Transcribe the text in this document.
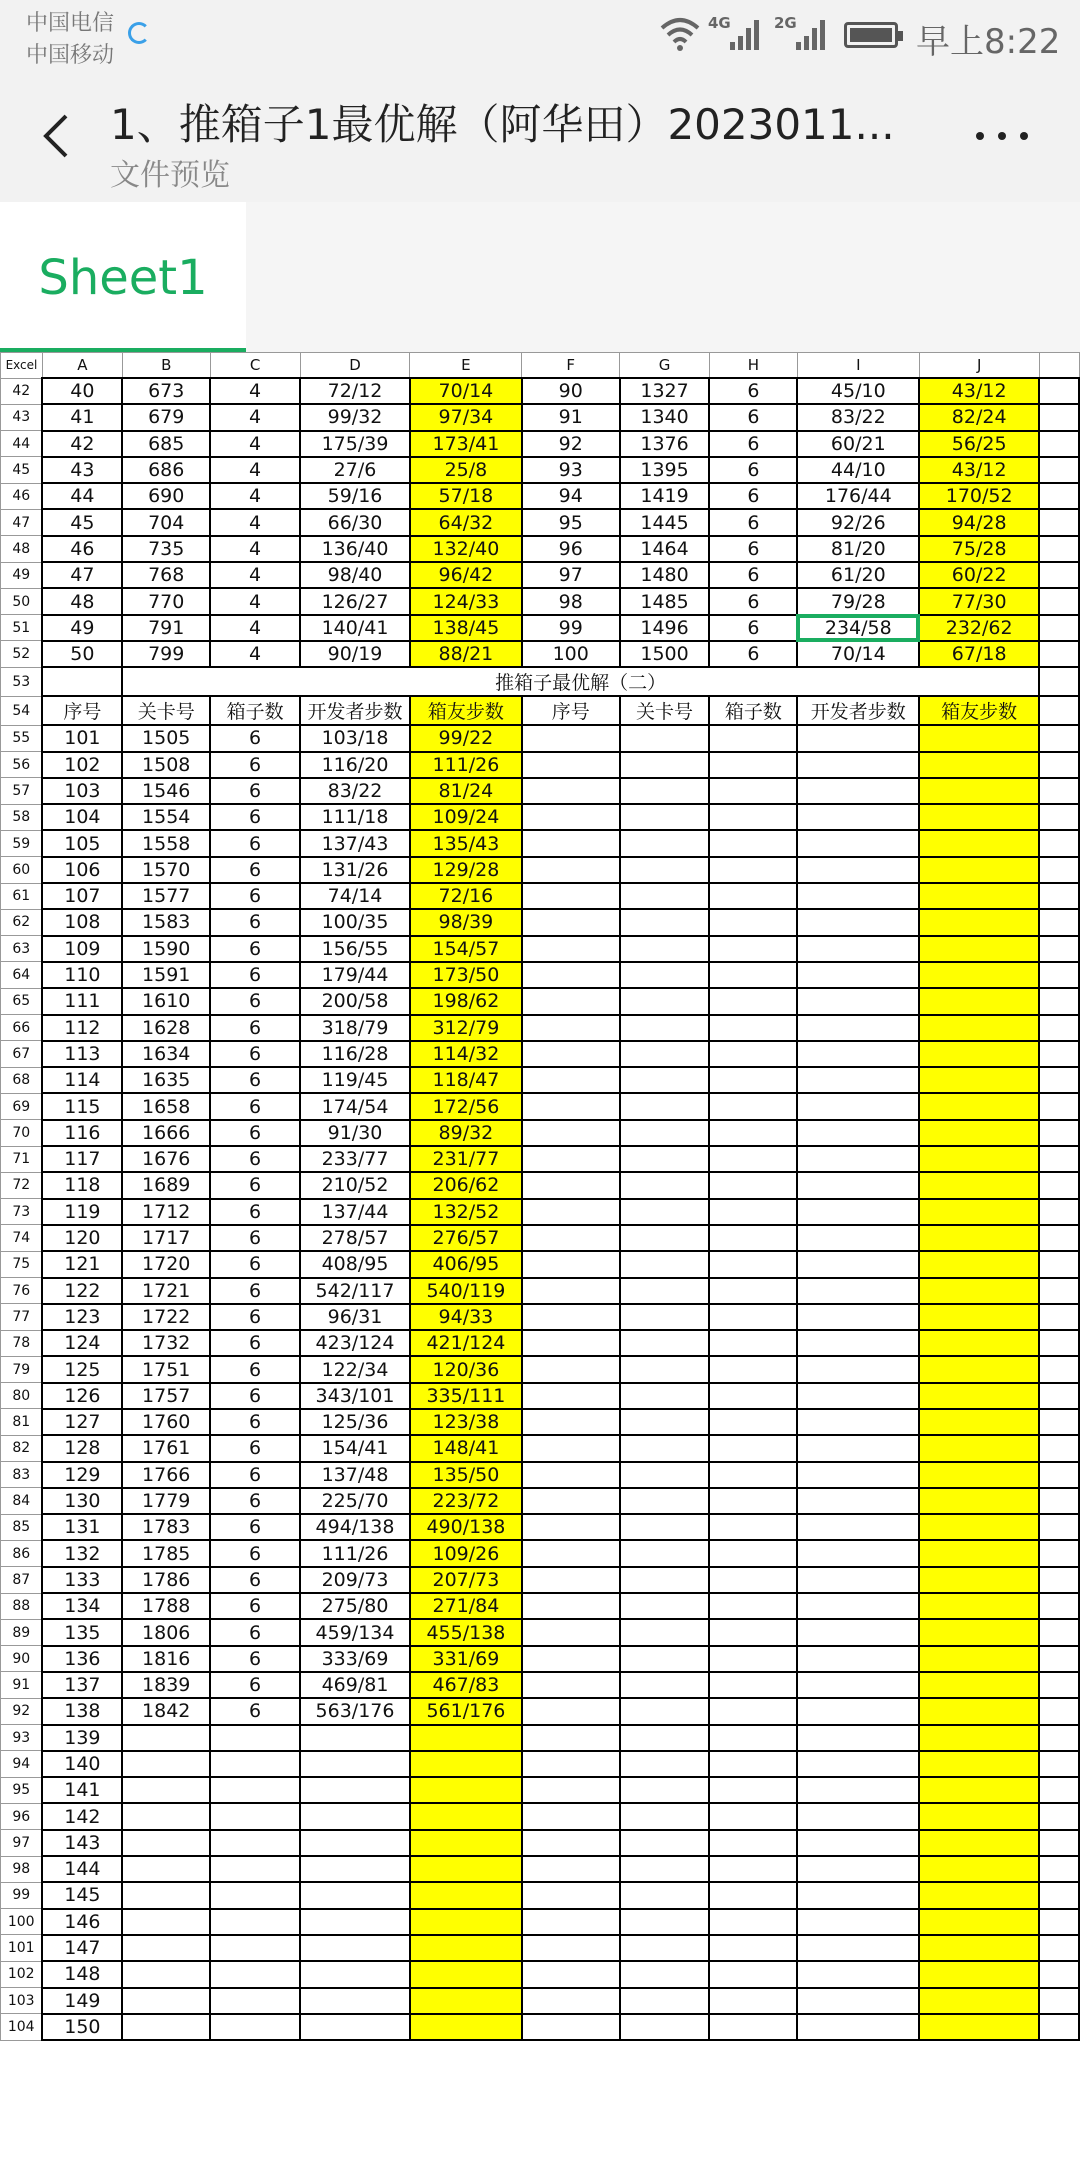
中国电信
中国移动
4G	2G	早上8:22
1、推箱子1最优解（阿华田）2023011...
文件预览
Sheet1
Excel	A	B	C	D	E	F	G	H	I	J	
42	40	673	4	72/12	70/14	90	1327	6	45/10	43/12	
43	41	679	4	99/32	97/34	91	1340	6	83/22	82/24	
44	42	685	4	175/39	173/41	92	1376	6	60/21	56/25	
45	43	686	4	27/6	25/8	93	1395	6	44/10	43/12	
46	44	690	4	59/16	57/18	94	1419	6	176/44	170/52	
47	45	704	4	66/30	64/32	95	1445	6	92/26	94/28	
48	46	735	4	136/40	132/40	96	1464	6	81/20	75/28	
49	47	768	4	98/40	96/42	97	1480	6	61/20	60/22	
50	48	770	4	126/27	124/33	98	1485	6	79/28	77/30	
51	49	791	4	140/41	138/45	99	1496	6	234/58	232/62	
52	50	799	4	90/19	88/21	100	1500	6	70/14	67/18	
53		推箱子最优解（二）									
54	序号	关卡号	箱子数	开发者步数	箱友步数	序号	关卡号	箱子数	开发者步数	箱友步数	
55	101	1505	6	103/18	99/22						
56	102	1508	6	116/20	111/26						
57	103	1546	6	83/22	81/24						
58	104	1554	6	111/18	109/24						
59	105	1558	6	137/43	135/43						
60	106	1570	6	131/26	129/28						
61	107	1577	6	74/14	72/16						
62	108	1583	6	100/35	98/39						
63	109	1590	6	156/55	154/57						
64	110	1591	6	179/44	173/50						
65	111	1610	6	200/58	198/62						
66	112	1628	6	318/79	312/79						
67	113	1634	6	116/28	114/32						
68	114	1635	6	119/45	118/47						
69	115	1658	6	174/54	172/56						
70	116	1666	6	91/30	89/32						
71	117	1676	6	233/77	231/77						
72	118	1689	6	210/52	206/62						
73	119	1712	6	137/44	132/52						
74	120	1717	6	278/57	276/57						
75	121	1720	6	408/95	406/95						
76	122	1721	6	542/117	540/119						
77	123	1722	6	96/31	94/33						
78	124	1732	6	423/124	421/124						
79	125	1751	6	122/34	120/36						
80	126	1757	6	343/101	335/111						
81	127	1760	6	125/36	123/38						
82	128	1761	6	154/41	148/41						
83	129	1766	6	137/48	135/50						
84	130	1779	6	225/70	223/72						
85	131	1783	6	494/138	490/138						
86	132	1785	6	111/26	109/26						
87	133	1786	6	209/73	207/73						
88	134	1788	6	275/80	271/84						
89	135	1806	6	459/134	455/138						
90	136	1816	6	333/69	331/69						
91	137	1839	6	469/81	467/83						
92	138	1842	6	563/176	561/176						
93	139										
94	140										
95	141										
96	142										
97	143										
98	144										
99	145										
100	146										
101	147										
102	148										
103	149										
104	150										
